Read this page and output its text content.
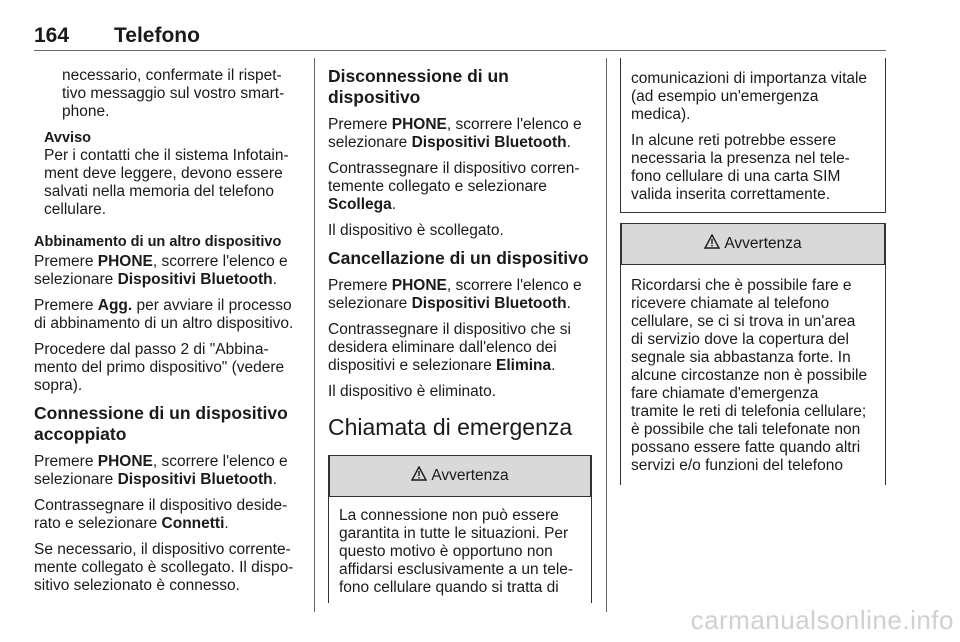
164 Telefono

necessario, confermate il rispet-
tivo messaggio sul vostro smart-
phone.

Avviso

Per i contatti che il sistema Infotain-
ment deve leggere, devono essere
salvati nella memoria del telefono
cellulare.

Abbinamento di un altro dispositivo

Premere PHONE, scorrere l'elenco e
selezionare Dispositivi Bluetooth.

Premere Agg. per avviare il processo
di abbinamento di un altro dispositivo.

Procedere dal passo 2 di "Abbina-
mento del primo dispositivo" (vedere
sopra).

Connessione di un dispositivo
accoppiato

Premere PHONE, scorrere l'elenco e
selezionare Dispositivi Bluetooth.

Contrassegnare il dispositivo deside-
rato e selezionare Connetti.

Se necessario, il dispositivo corrente-
mente collegato è scollegato. Il dispo-
sitivo selezionato è connesso.

Disconnessione di un dispositivo

Premere PHONE, scorrere l'elenco e
selezionare Dispositivi Bluetooth.

Contrassegnare il dispositivo corren-
temente collegato e selezionare
Scollega.

Il dispositivo è scollegato.

Cancellazione di un dispositivo

Premere PHONE, scorrere l'elenco e
selezionare Dispositivi Bluetooth.

Contrassegnare il dispositivo che si
desidera eliminare dall'elenco dei
dispositivi e selezionare Elimina.

Il dispositivo è eliminato.

Chiamata di emergenza
Avvertenza

La connessione non può essere
garantita in tutte le situazioni. Per
questo motivo è opportuno non
affidarsi esclusivamente a un tele-
fono cellulare quando si tratta di

comunicazioni di importanza vitale
(ad esempio un'emergenza
medica).

In alcune reti potrebbe essere
necessaria la presenza nel tele-
fono cellulare di una carta SIM
valida inserita correttamente.

Avvertenza

Ricordarsi che è possibile fare e
ricevere chiamate al telefono
cellulare, se ci si trova in un'area
di servizio dove la copertura del
segnale sia abbastanza forte. In
alcune circostanze non è possibile
fare chiamate d'emergenza
tramite le reti di telefonia cellulare;
è possibile che tali telefonate non
possano essere fatte quando altri
servizi e/o funzioni del telefono

carmanualsonline.info
